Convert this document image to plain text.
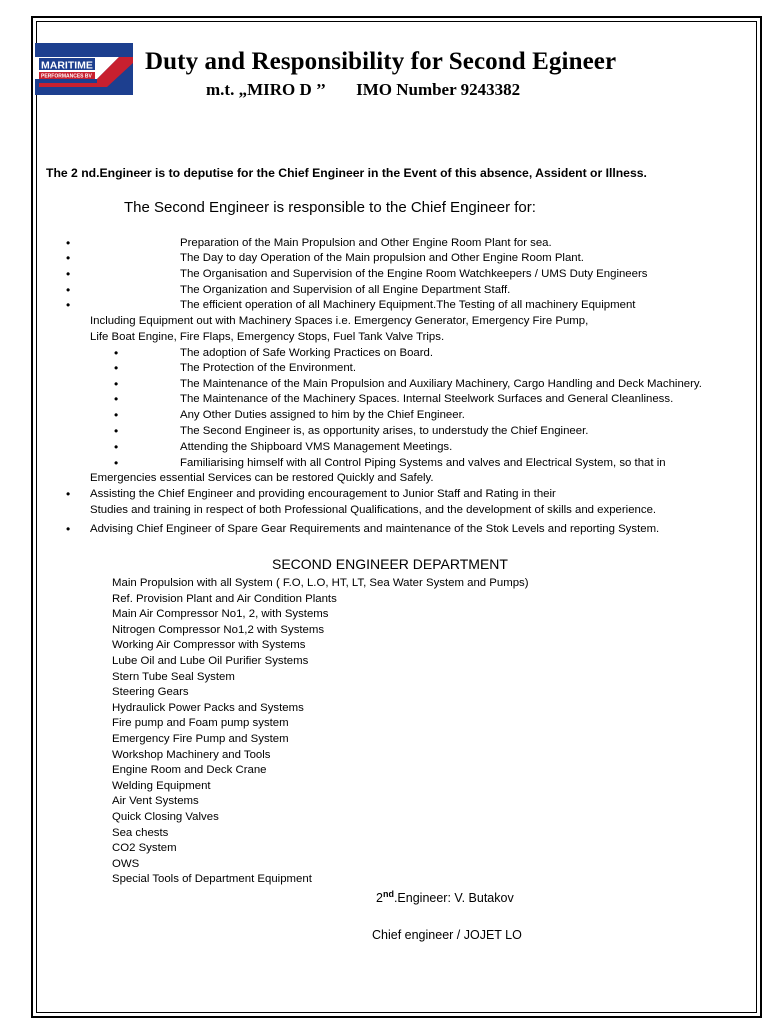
MARITIME
PERFORMANCES BV
Duty and Responsibility for Second Egineer
m.t. „MIRO D ’’ IMO Number 9243382
The 2 nd.Engineer is to deputise for the Chief Engineer in the Event of this absence, Assident or Illness.
The Second Engineer is responsible to the Chief Engineer for:
•	Preparation of the Main Propulsion and Other Engine Room Plant for sea.
•	The Day to day Operation of the Main propulsion and Other Engine Room Plant.
•	The Organisation and Supervision of the Engine Room Watchkeepers / UMS Duty Engineers
•	The Organization and Supervision of all Engine Department Staff.
•	The efficient operation of all Machinery Equipment.The Testing of all machinery Equipment
Including Equipment out with Machinery Spaces i.e. Emergency Generator, Emergency Fire Pump,
Life Boat Engine, Fire Flaps, Emergency Stops, Fuel Tank Valve Trips.
•	The adoption of Safe Working Practices on Board.
•	The Protection of the Environment.
•	The Maintenance of the Main Propulsion and Auxiliary Machinery, Cargo Handling and Deck Machinery.
•	The Maintenance of the Machinery Spaces. Internal Steelwork Surfaces and General Cleanliness.
•	Any Other Duties assigned to him by the Chief Engineer.
•	The Second Engineer is, as opportunity arises, to understudy the Chief Engineer.
•	Attending the Shipboard VMS Management Meetings.
•	Familiarising himself with all Control Piping Systems and valves and Electrical System, so that in
Emergencies essential Services can be restored Quickly and Safely.
• Assisting the Chief Engineer and providing encouragement to Junior Staff and Rating in their
Studies and training in respect of both Professional Qualifications, and the development of skills and experience.
• Advising Chief Engineer of Spare Gear Requirements and maintenance of the Stok Levels and reporting System.
SECOND ENGINEER DEPARTMENT
Main Propulsion with all System ( F.O, L.O, HT, LT, Sea Water System and Pumps)
Ref. Provision Plant and Air Condition Plants
Main Air Compressor No1, 2, with Systems
Nitrogen Compressor No1,2 with Systems
Working Air Compressor with Systems
Lube Oil and Lube Oil Purifier Systems
Stern Tube Seal System
Steering Gears
Hydraulick Power Packs and Systems
Fire pump and Foam pump system
Emergency Fire Pump and System
Workshop Machinery and Tools
Engine Room and Deck Crane
Welding Equipment
Air Vent Systems
Quick Closing Valves
Sea chests
CO2 System
OWS
Special Tools of Department Equipment
2nd.Engineer: V. Butakov
Chief engineer / JOJET LO
